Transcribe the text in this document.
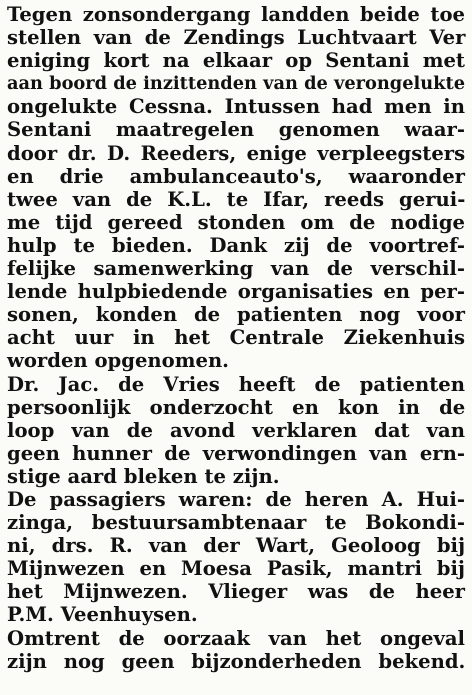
Tegen zonsondergang landden beide toe
stellen van de Zendings Luchtvaart Ver
eniging kort na elkaar op Sentani met
aan boord de inzittenden van de verongelukte
ongelukte Cessna. Intussen had men in
Sentani maatregelen genomen waar-
door dr. D. Reeders, enige verpleegsters
en drie ambulanceauto's, waaronder
twee van de K.L. te Ifar, reeds gerui-
me tijd gereed stonden om de nodige
hulp te bieden. Dank zij de voortref-
felijke samenwerking van de verschil-
lende hulpbiedende organisaties en per-
sonen, konden de patienten nog voor
acht uur in het Centrale Ziekenhuis
worden opgenomen.
Dr. Jac. de Vries heeft de patienten
persoonlijk onderzocht en kon in de
loop van de avond verklaren dat van
geen hunner de verwondingen van ern-
stige aard bleken te zijn.
De passagiers waren: de heren A. Hui-
zinga, bestuursambtenaar te Bokondi-
ni, drs. R. van der Wart, Geoloog bij
Mijnwezen en Moesa Pasik, mantri bij
het Mijnwezen. Vlieger was de heer
P.M. Veenhuysen.
Omtrent de oorzaak van het ongeval
zijn nog geen bijzonderheden bekend.
